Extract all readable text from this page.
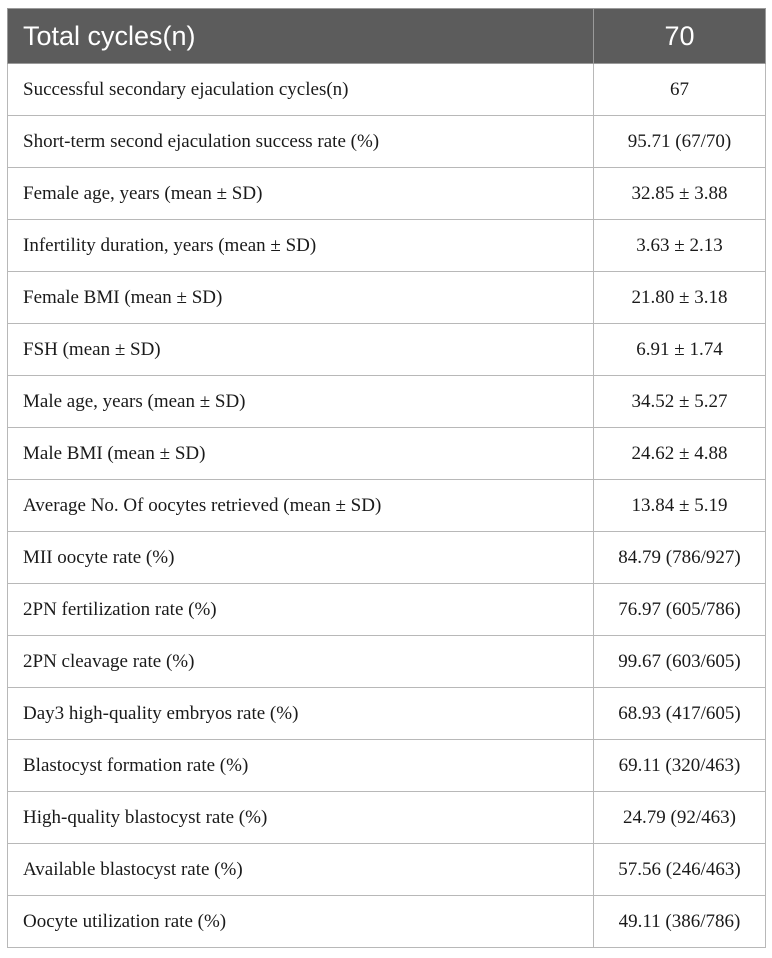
Total cycles(n)	70
Successful secondary ejaculation cycles(n)	67
Short-term second ejaculation success rate (%)	95.71 (67/70)
Female age, years (mean ± SD)	32.85 ± 3.88
Infertility duration, years (mean ± SD)	3.63 ± 2.13
Female BMI (mean ± SD)	21.80 ± 3.18
FSH (mean ± SD)	6.91 ± 1.74
Male age, years (mean ± SD)	34.52 ± 5.27
Male BMI (mean ± SD)	24.62 ± 4.88
Average No. Of oocytes retrieved (mean ± SD)	13.84 ± 5.19
MII oocyte rate (%)	84.79 (786/927)
2PN fertilization rate (%)	76.97 (605/786)
2PN cleavage rate (%)	99.67 (603/605)
Day3 high-quality embryos rate (%)	68.93 (417/605)
Blastocyst formation rate (%)	69.11 (320/463)
High-quality blastocyst rate (%)	24.79 (92/463)
Available blastocyst rate (%)	57.56 (246/463)
Oocyte utilization rate (%)	49.11 (386/786)
